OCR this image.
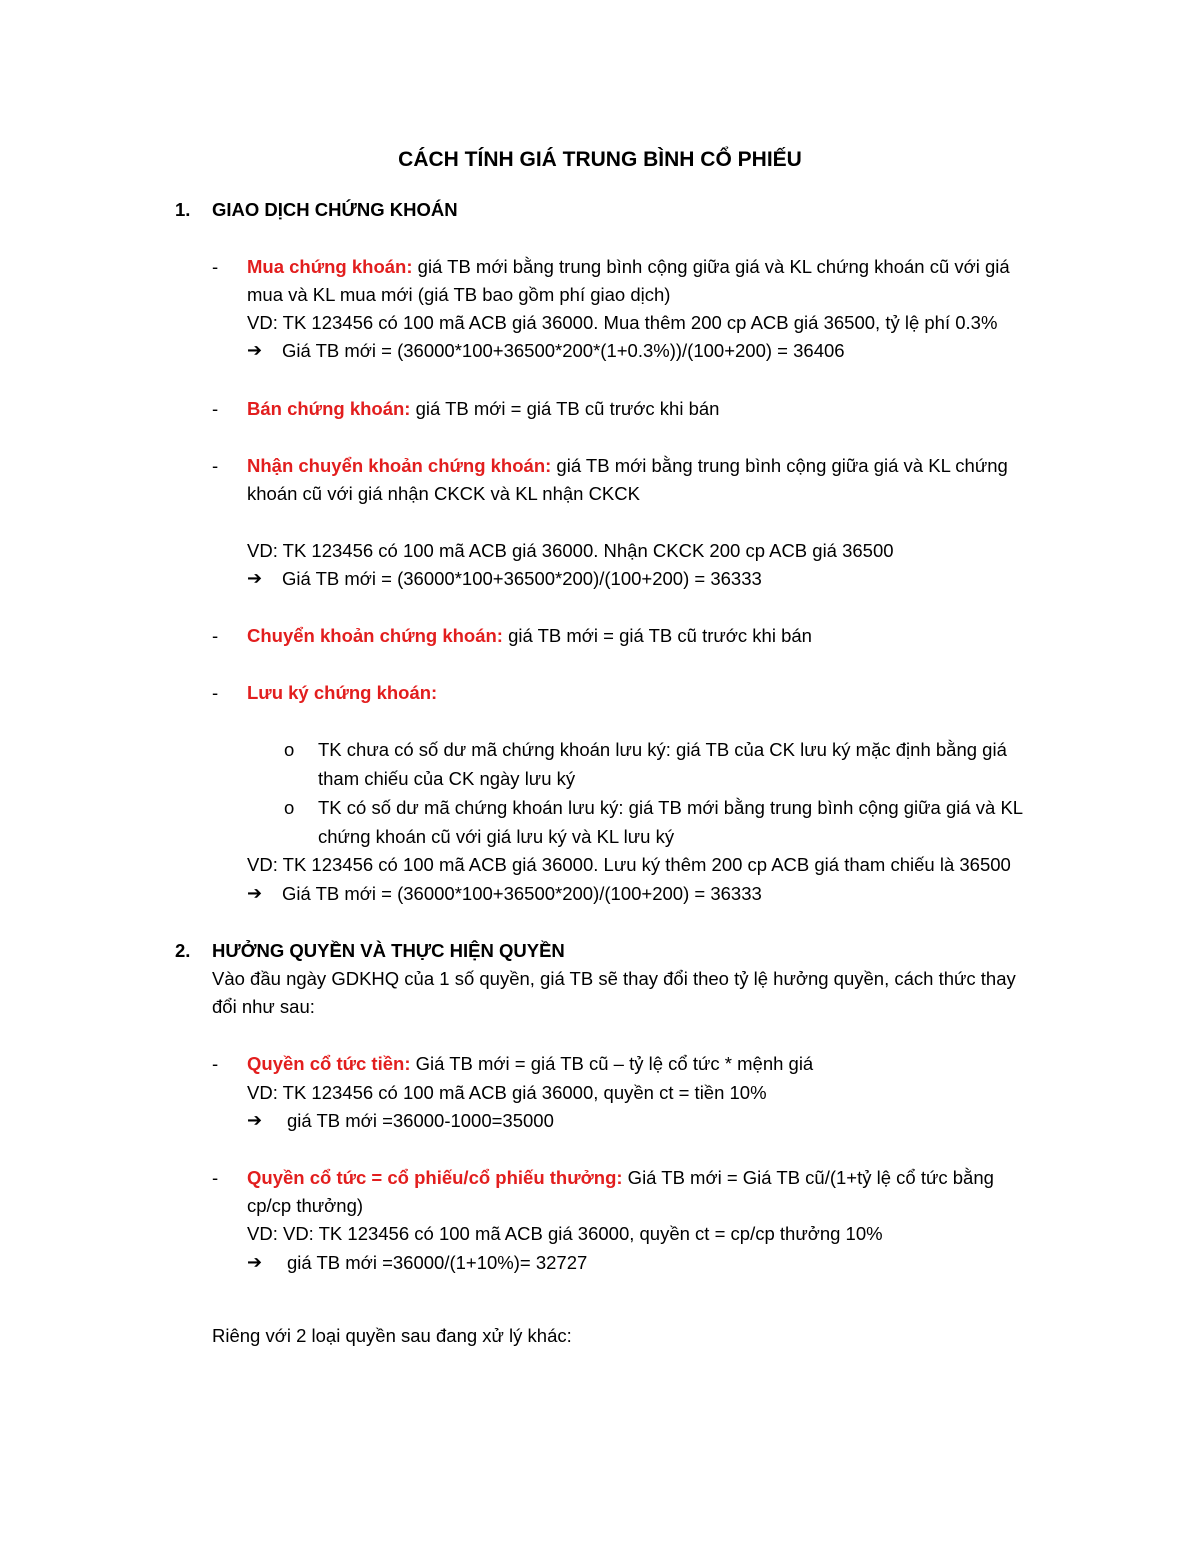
CÁCH TÍNH GIÁ TRUNG BÌNH CỔ PHIẾU
1. GIAO DỊCH CHỨNG KHOÁN
- Mua chứng khoán: giá TB mới bằng trung bình cộng giữa giá và KL chứng khoán cũ với giá
mua và KL mua mới (giá TB bao gồm phí giao dịch)
VD: TK 123456 có 100 mã ACB giá 36000. Mua thêm 200 cp ACB giá 36500, tỷ lệ phí 0.3%
➔ Giá TB mới = (36000*100+36500*200*(1+0.3%))/(100+200) = 36406
- Bán chứng khoán: giá TB mới = giá TB cũ trước khi bán
- Nhận chuyển khoản chứng khoán: giá TB mới bằng trung bình cộng giữa giá và KL chứng
khoán cũ với giá nhận CKCK và KL nhận CKCK
VD: TK 123456 có 100 mã ACB giá 36000. Nhận CKCK 200 cp ACB giá 36500
➔ Giá TB mới = (36000*100+36500*200)/(100+200) = 36333
- Chuyển khoản chứng khoán: giá TB mới = giá TB cũ trước khi bán
- Lưu ký chứng khoán:
o TK chưa có số dư mã chứng khoán lưu ký: giá TB của CK lưu ký mặc định bằng giá
tham chiếu của CK ngày lưu ký
o TK có số dư mã chứng khoán lưu ký: giá TB mới bằng trung bình cộng giữa giá và KL
chứng khoán cũ với giá lưu ký và KL lưu ký
VD: TK 123456 có 100 mã ACB giá 36000. Lưu ký thêm 200 cp ACB giá tham chiếu là 36500
➔ Giá TB mới = (36000*100+36500*200)/(100+200) = 36333
2. HƯỞNG QUYỀN VÀ THỰC HIỆN QUYỀN
Vào đầu ngày GDKHQ của 1 số quyền, giá TB sẽ thay đổi theo tỷ lệ hưởng quyền, cách thức thay
đổi như sau:
- Quyền cổ tức tiền: Giá TB mới = giá TB cũ – tỷ lệ cổ tức * mệnh giá
VD: TK 123456 có 100 mã ACB giá 36000, quyền ct = tiền 10%
➔ giá TB mới =36000-1000=35000
- Quyền cổ tức = cổ phiếu/cổ phiếu thưởng: Giá TB mới = Giá TB cũ/(1+tỷ lệ cổ tức bằng
cp/cp thưởng)
VD: VD: TK 123456 có 100 mã ACB giá 36000, quyền ct = cp/cp thưởng 10%
➔ giá TB mới =36000/(1+10%)= 32727
Riêng với 2 loại quyền sau đang xử lý khác:
